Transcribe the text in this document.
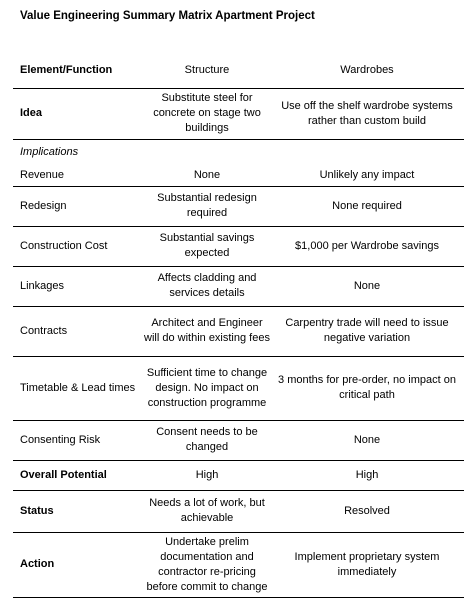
Value Engineering Summary Matrix Apartment Project
Element/Function	Structure	Wardrobes
Idea	Substitute steel for concrete on stage two buildings	Use off the shelf wardrobe systems rather than custom build
Implications		
Revenue	None	Unlikely any impact
Redesign	Substantial redesign required	None required
Construction Cost	Substantial savings expected	$1,000 per Wardrobe savings
Linkages	Affects cladding and services details	None
Contracts	Architect and Engineer will do within existing fees	Carpentry trade will need to issue negative variation
Timetable & Lead times	Sufficient time to change design. No impact on construction programme	3 months for pre-order, no impact on critical path
Consenting Risk	Consent needs to be changed	None
Overall Potential	High	High
Status	Needs a lot of work, but achievable	Resolved
Action	Undertake prelim documentation and contractor re-pricing before commit to change	Implement proprietary system immediately
